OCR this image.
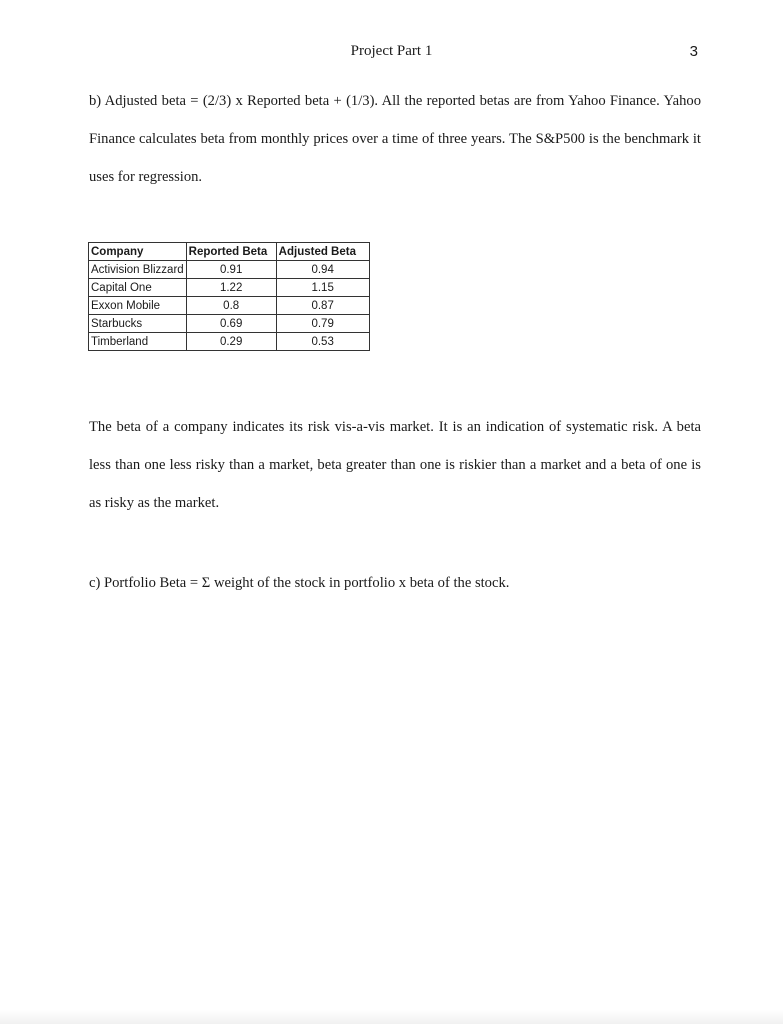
Project Part 1	3

b) Adjusted beta = (2/3) x Reported beta + (1/3). All the reported betas are from Yahoo Finance. Yahoo Finance calculates beta from monthly prices over a time of three years. The S&P500 is the benchmark it uses for regression.

Company	Reported Beta	Adjusted Beta
Activision Blizzard	0.91	0.94
Capital One	1.22	1.15
Exxon Mobile	0.8	0.87
Starbucks	0.69	0.79
Timberland	0.29	0.53

The beta of a company indicates its risk vis-a-vis market. It is an indication of systematic risk. A beta less than one less risky than a market, beta greater than one is riskier than a market and a beta of one is as risky as the market.

c) Portfolio Beta = Σ weight of the stock in portfolio x beta of the stock.
